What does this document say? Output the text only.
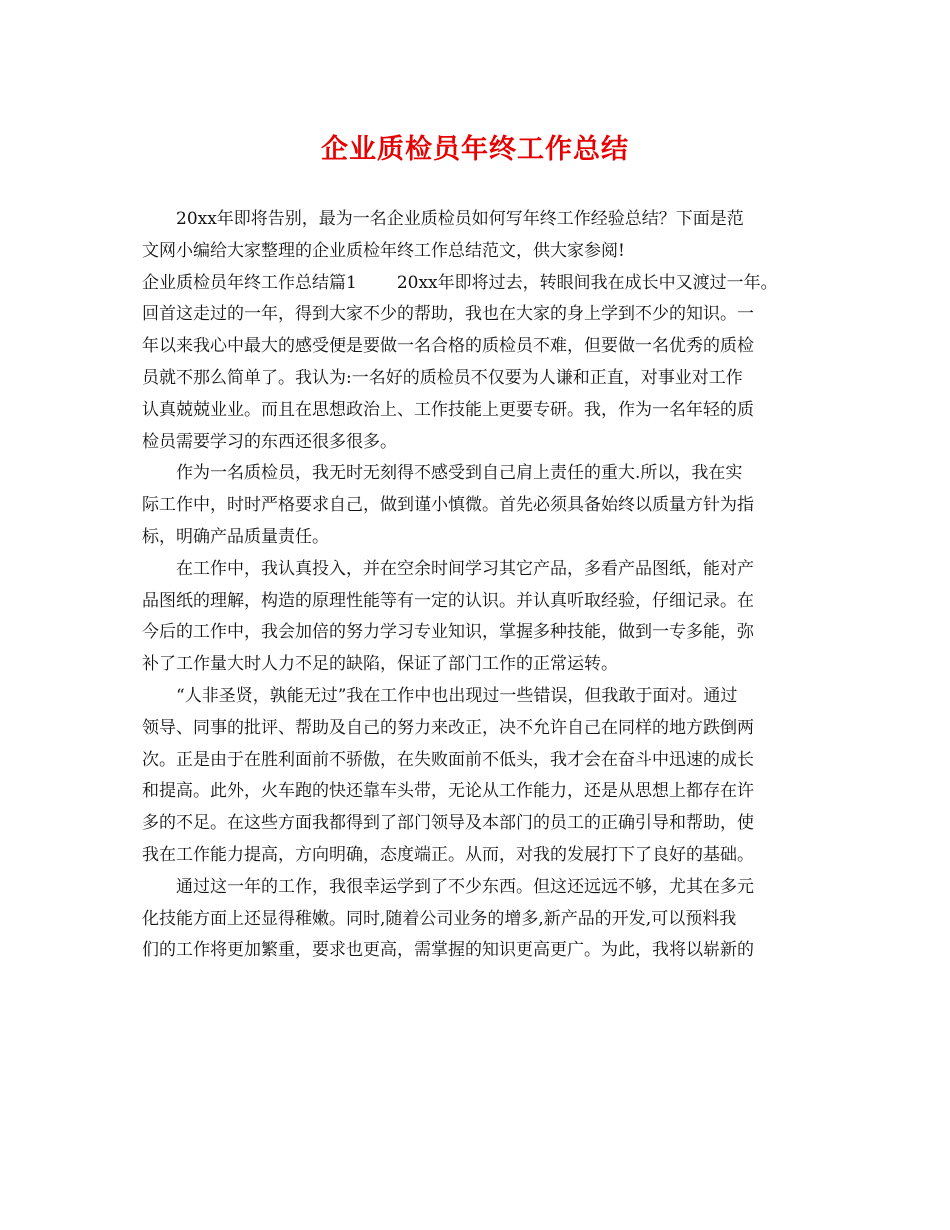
企业质检员年终工作总结
20xx年即将告别，最为一名企业质检员如何写年终工作经验总结？下面是范
文网小编给大家整理的企业质检年终工作总结范文，供大家参阅!
企业质检员年终工作总结篇1 20xx年即将过去，转眼间我在成长中又渡过一年。
回首这走过的一年，得到大家不少的帮助，我也在大家的身上学到不少的知识。一
年以来我心中最大的感受便是要做一名合格的质检员不难，但要做一名优秀的质检
员就不那么简单了。我认为:一名好的质检员不仅要为人谦和正直，对事业对工作
认真兢兢业业。而且在思想政治上、工作技能上更要专研。我，作为一名年轻的质
检员需要学习的东西还很多很多。
作为一名质检员，我无时无刻得不感受到自己肩上责任的重大.所以，我在实
际工作中，时时严格要求自己，做到谨小慎微。首先必须具备始终以质量方针为指
标，明确产品质量责任。
在工作中，我认真投入，并在空余时间学习其它产品，多看产品图纸，能对产
品图纸的理解，构造的原理性能等有一定的认识。并认真听取经验，仔细记录。在
今后的工作中，我会加倍的努力学习专业知识，掌握多种技能，做到一专多能，弥
补了工作量大时人力不足的缺陷，保证了部门工作的正常运转。
“人非圣贤，孰能无过”我在工作中也出现过一些错误，但我敢于面对。通过
领导、同事的批评、帮助及自己的努力来改正，决不允许自己在同样的地方跌倒两
次。正是由于在胜利面前不骄傲，在失败面前不低头，我才会在奋斗中迅速的成长
和提高。此外，火车跑的快还靠车头带，无论从工作能力，还是从思想上都存在许
多的不足。在这些方面我都得到了部门领导及本部门的员工的正确引导和帮助，使
我在工作能力提高，方向明确，态度端正。从而，对我的发展打下了良好的基础。
通过这一年的工作，我很幸运学到了不少东西。但这还远远不够，尤其在多元
化技能方面上还显得稚嫩。同时,随着公司业务的增多,新产品的开发,可以预料我
们的工作将更加繁重，要求也更高，需掌握的知识更高更广。为此，我将以崭新的
